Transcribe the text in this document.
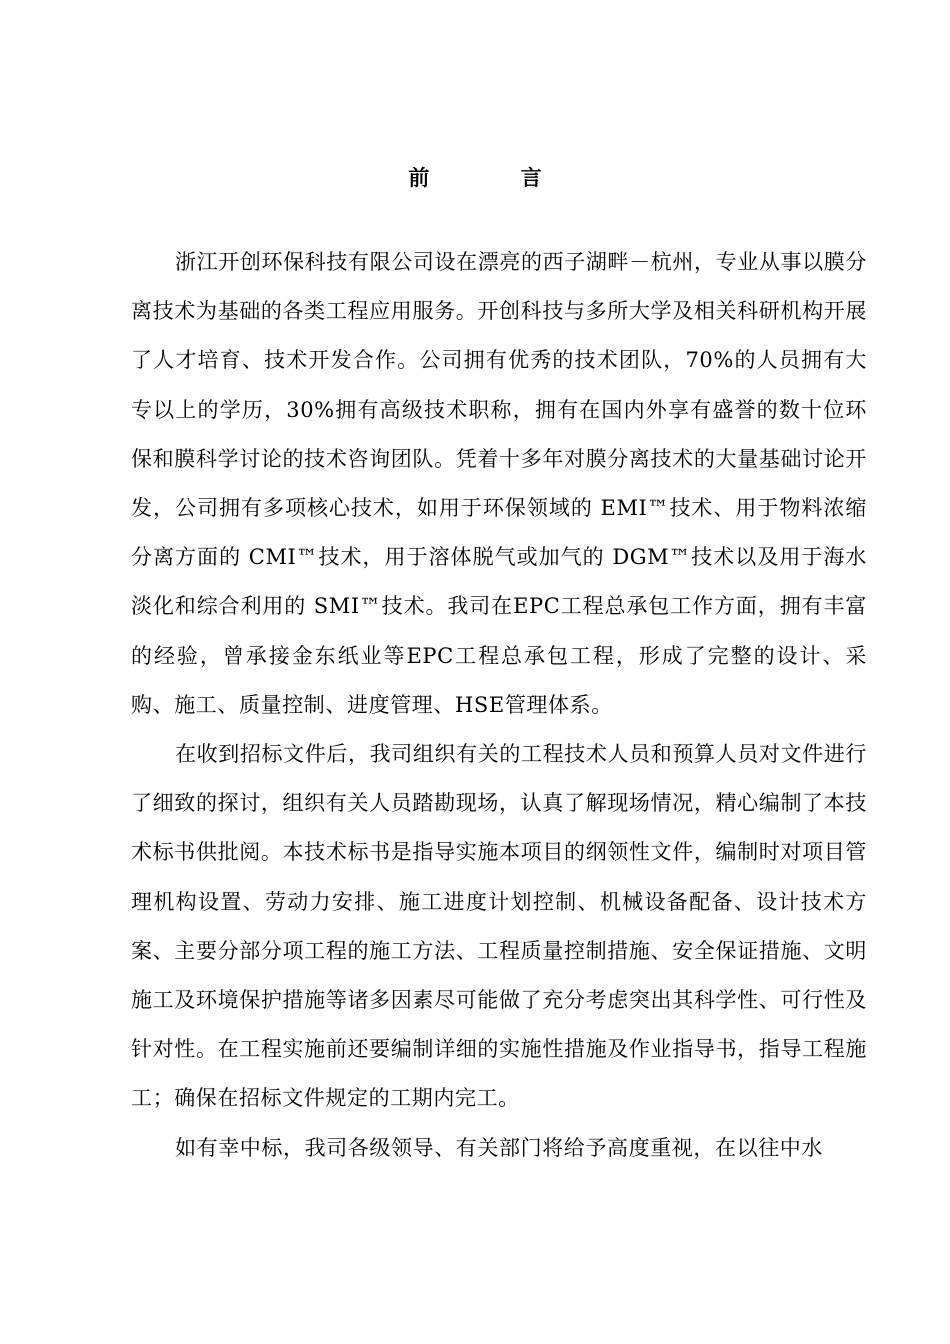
前 言

浙江开创环保科技有限公司设在漂亮的西子湖畔－杭州，专业从事以膜分离技术为基础的各类工程应用服务。开创科技与多所大学及相关科研机构开展了人才培育、技术开发合作。公司拥有优秀的技术团队，70%的人员拥有大专以上的学历，30%拥有高级技术职称，拥有在国内外享有盛誉的数十位环保和膜科学讨论的技术咨询团队。凭着十多年对膜分离技术的大量基础讨论开发，公司拥有多项核心技术，如用于环保领域的 EMI™技术、用于物料浓缩分离方面的 CMI™技术，用于溶体脱气或加气的 DGM™技术以及用于海水淡化和综合利用的 SMI™技术。我司在EPC工程总承包工作方面，拥有丰富的经验，曾承接金东纸业等EPC工程总承包工程，形成了完整的设计、采购、施工、质量控制、进度管理、HSE管理体系。

在收到招标文件后，我司组织有关的工程技术人员和预算人员对文件进行了细致的探讨，组织有关人员踏勘现场，认真了解现场情况，精心编制了本技术标书供批阅。本技术标书是指导实施本项目的纲领性文件，编制时对项目管理机构设置、劳动力安排、施工进度计划控制、机械设备配备、设计技术方案、主要分部分项工程的施工方法、工程质量控制措施、安全保证措施、文明施工及环境保护措施等诸多因素尽可能做了充分考虑突出其科学性、可行性及针对性。在工程实施前还要编制详细的实施性措施及作业指导书，指导工程施工；确保在招标文件规定的工期内完工。

如有幸中标，我司各级领导、有关部门将给予高度重视，在以往中水
